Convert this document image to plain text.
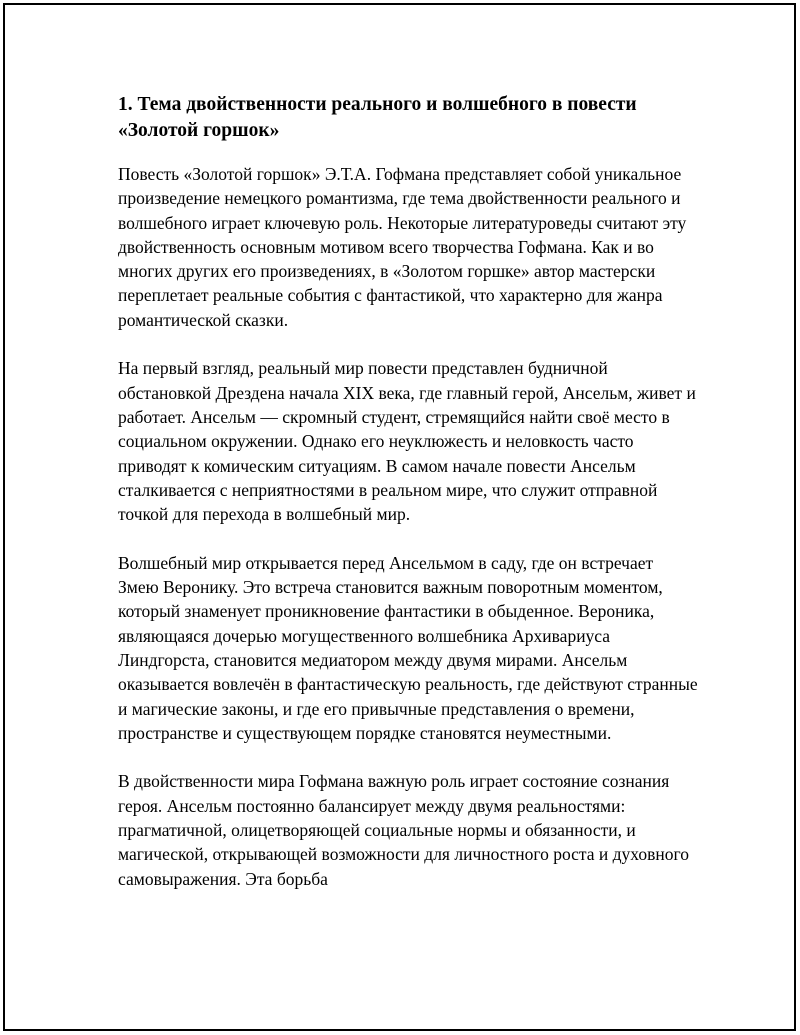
1. Тема двойственности реального и волшебного в повести «Золотой горшок»

Повесть «Золотой горшок» Э.Т.А. Гофмана представляет собой уникальное произведение немецкого романтизма, где тема двойственности реального и волшебного играет ключевую роль. Некоторые литературоведы считают эту двойственность основным мотивом всего творчества Гофмана. Как и во многих других его произведениях, в «Золотом горшке» автор мастерски переплетает реальные события с фантастикой, что характерно для жанра романтической сказки.

На первый взгляд, реальный мир повести представлен будничной обстановкой Дрездена начала XIX века, где главный герой, Ансельм, живет и работает. Ансельм — скромный студент, стремящийся найти своё место в социальном окружении. Однако его неуклюжесть и неловкость часто приводят к комическим ситуациям. В самом начале повести Ансельм сталкивается с неприятностями в реальном мире, что служит отправной точкой для перехода в волшебный мир.

Волшебный мир открывается перед Ансельмом в саду, где он встречает Змею Веронику. Это встреча становится важным поворотным моментом, который знаменует проникновение фантастики в обыденное. Вероника, являющаяся дочерью могущественного волшебника Архивариуса Линдгорста, становится медиатором между двумя мирами. Ансельм оказывается вовлечён в фантастическую реальность, где действуют странные и магические законы, и где его привычные представления о времени, пространстве и существующем порядке становятся неуместными.

В двойственности мира Гофмана важную роль играет состояние сознания героя. Ансельм постоянно балансирует между двумя реальностями: прагматичной, олицетворяющей социальные нормы и обязанности, и магической, открывающей возможности для личностного роста и духовного самовыражения. Эта борьба
